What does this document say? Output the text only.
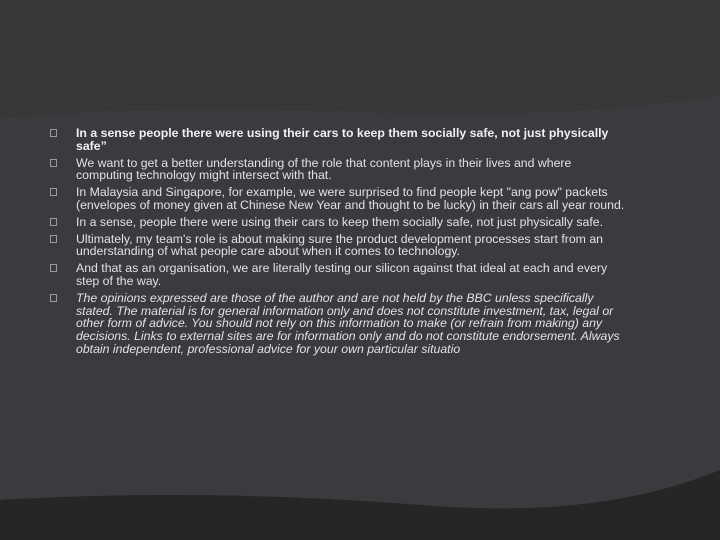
In a sense people there were using their cars to keep them socially safe, not just physically safe”
We want to get a better understanding of the role that content plays in their lives and where computing technology might intersect with that.
In Malaysia and Singapore, for example, we were surprised to find people kept "ang pow" packets (envelopes of money given at Chinese New Year and thought to be lucky) in their cars all year round.
In a sense, people there were using their cars to keep them socially safe, not just physically safe.
Ultimately, my team's role is about making sure the product development processes start from an understanding of what people care about when it comes to technology.
And that as an organisation, we are literally testing our silicon against that ideal at each and every step of the way.
The opinions expressed are those of the author and are not held by the BBC unless specifically stated. The material is for general information only and does not constitute investment, tax, legal or other form of advice. You should not rely on this information to make (or refrain from making) any decisions. Links to external sites are for information only and do not constitute endorsement. Always obtain independent, professional advice for your own particular situatio
